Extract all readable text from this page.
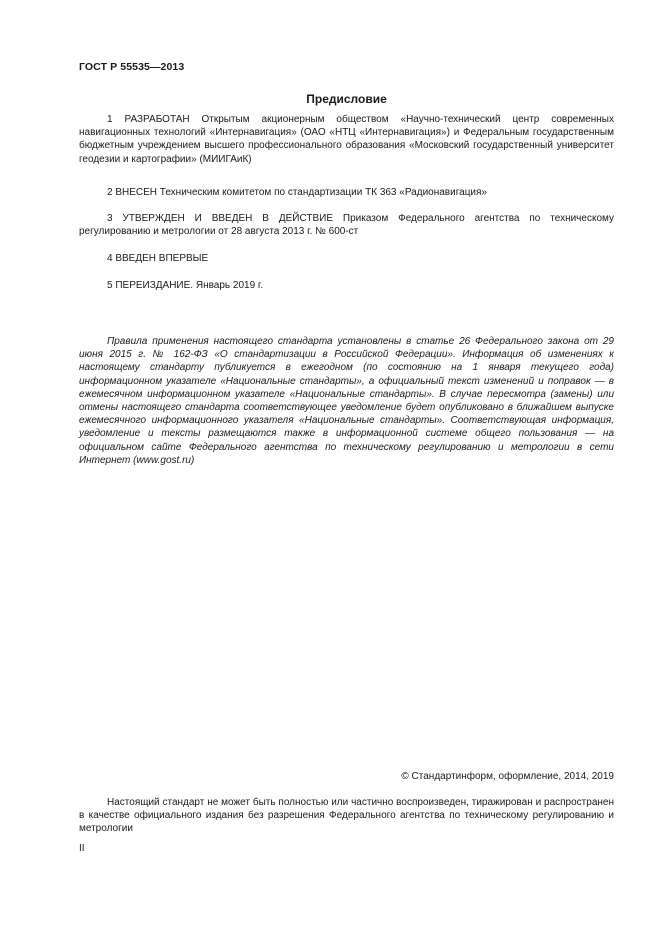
ГОСТ Р 55535—2013
Предисловие

1 РАЗРАБОТАН Открытым акционерным обществом «Научно-технический центр современных навигационных технологий «Интернавигация» (ОАО «НТЦ «Интернавигация») и Федеральным государственным бюджетным учреждением высшего профессионального образования «Московский государственный университет геодезии и картографии» (МИИГАиК)

2 ВНЕСЕН Техническим комитетом по стандартизации ТК 363 «Радионавигация»

3 УТВЕРЖДЕН И ВВЕДЕН В ДЕЙСТВИЕ Приказом Федерального агентства по техническому регулированию и метрологии от 28 августа 2013 г. № 600-ст

4 ВВЕДЕН ВПЕРВЫЕ

5 ПЕРЕИЗДАНИЕ. Январь 2019 г.

Правила применения настоящего стандарта установлены в статье 26 Федерального закона от 29 июня 2015 г. № 162-ФЗ «О стандартизации в Российской Федерации». Информация об изменениях к настоящему стандарту публикуется в ежегодном (по состоянию на 1 января текущего года) информационном указателе «Национальные стандарты», а официальный текст изменений и поправок — в ежемесячном информационном указателе «Национальные стандарты». В случае пересмотра (замены) или отмены настоящего стандарта соответствующее уведомление будет опубликовано в ближайшем выпуске ежемесячного информационного указателя «Национальные стандарты». Соответствующая информация, уведомление и тексты размещаются также в информационной системе общего пользования — на официальном сайте Федерального агентства по техническому регулированию и метрологии в сети Интернет (www.gost.ru)

© Стандартинформ, оформление, 2014, 2019

Настоящий стандарт не может быть полностью или частично воспроизведен, тиражирован и распространен в качестве официального издания без разрешения Федерального агентства по техническому регулированию и метрологии

II
